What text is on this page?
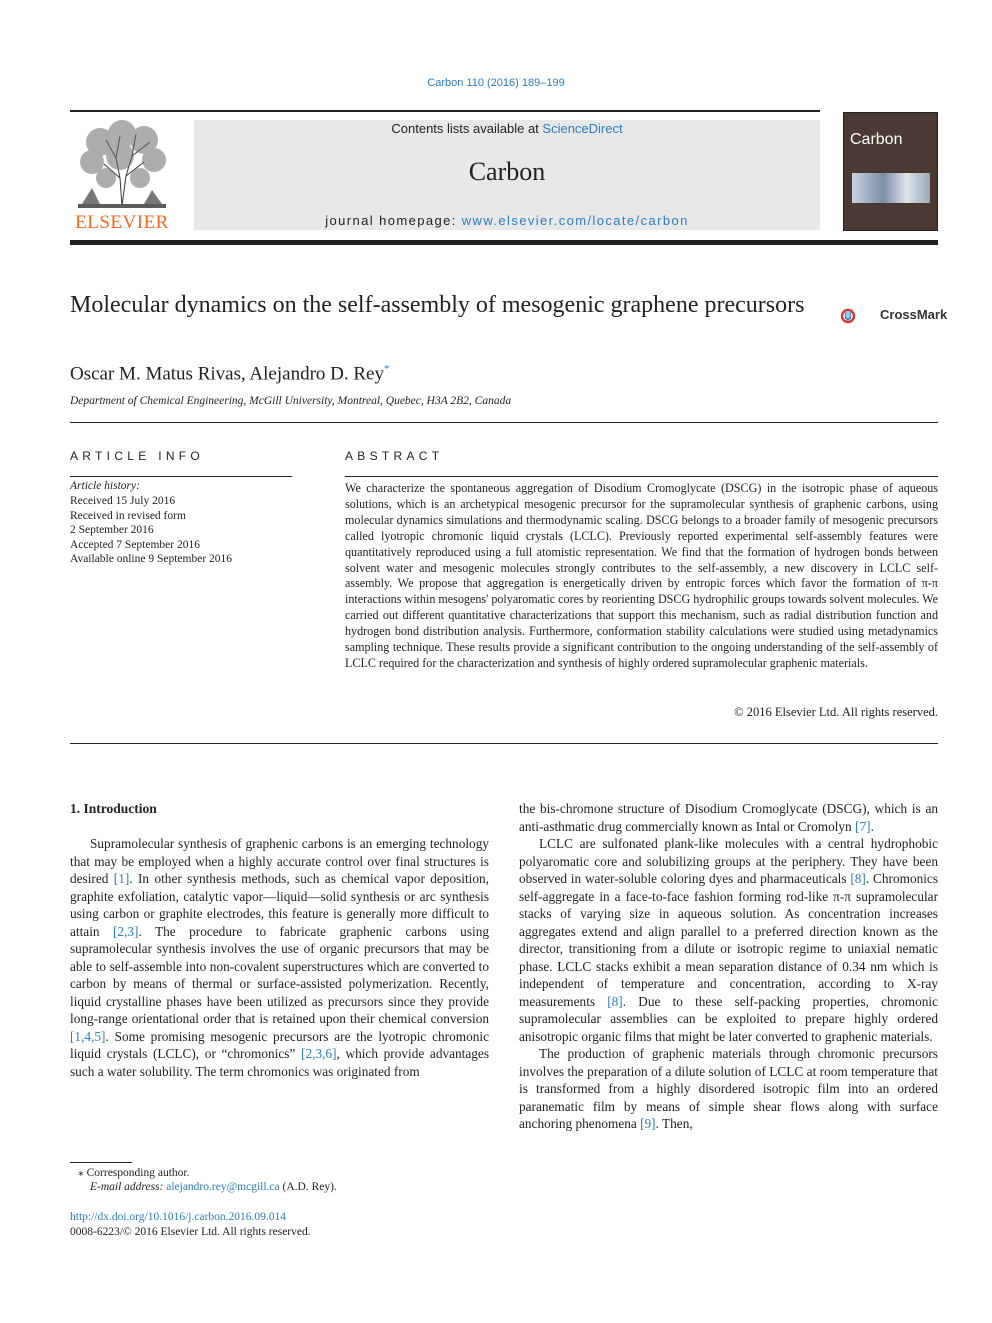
Carbon 110 (2016) 189–199
ELSEVIER
Contents lists available at ScienceDirect
Carbon
journal homepage: www.elsevier.com/locate/carbon
Carbon
Molecular dynamics on the self-assembly of mesogenic graphene precursors	CrossMark
Oscar M. Matus Rivas, Alejandro D. Rey*
Department of Chemical Engineering, McGill University, Montreal, Quebec, H3A 2B2, Canada
ARTICLE INFO
Article history:
Received 15 July 2016
Received in revised form
2 September 2016
Accepted 7 September 2016
Available online 9 September 2016
ABSTRACT
We characterize the spontaneous aggregation of Disodium Cromoglycate (DSCG) in the isotropic phase of aqueous solutions, which is an archetypical mesogenic precursor for the supramolecular synthesis of graphenic carbons, using molecular dynamics simulations and thermodynamic scaling. DSCG belongs to a broader family of mesogenic precursors called lyotropic chromonic liquid crystals (LCLC). Previously reported experimental self-assembly features were quantitatively reproduced using a full atomistic representation. We find that the formation of hydrogen bonds between solvent water and mesogenic molecules strongly contributes to the self-assembly, a new discovery in LCLC self-assembly. We propose that aggregation is energetically driven by entropic forces which favor the formation of π-π interactions within mesogens' polyaromatic cores by reorienting DSCG hydrophilic groups towards solvent molecules. We carried out different quantitative characterizations that support this mechanism, such as radial distribution function and hydrogen bond distribution analysis. Furthermore, conformation stability calculations were studied using metadynamics sampling technique. These results provide a significant contribution to the ongoing understanding of the self-assembly of LCLC required for the characterization and synthesis of highly ordered supramolecular graphenic materials.
© 2016 Elsevier Ltd. All rights reserved.
1. Introduction

Supramolecular synthesis of graphenic carbons is an emerging technology that may be employed when a highly accurate control over final structures is desired [1]. In other synthesis methods, such as chemical vapor deposition, graphite exfoliation, catalytic vapor—liquid—solid synthesis or arc synthesis using carbon or graphite electrodes, this feature is generally more difficult to attain [2,3]. The procedure to fabricate graphenic carbons using supramolecular synthesis involves the use of organic precursors that may be able to self-assemble into non-covalent superstructures which are converted to carbon by means of thermal or surface-assisted polymerization. Recently, liquid crystalline phases have been utilized as precursors since they provide long-range orientational order that is retained upon their chemical conversion [1,4,5]. Some promising mesogenic precursors are the lyotropic chromonic liquid crystals (LCLC), or “chromonics” [2,3,6], which provide advantages such a water solubility. The term chromonics was originated from

the bis-chromone structure of Disodium Cromoglycate (DSCG), which is an anti-asthmatic drug commercially known as Intal or Cromolyn [7].

LCLC are sulfonated plank-like molecules with a central hydrophobic polyaromatic core and solubilizing groups at the periphery. They have been observed in water-soluble coloring dyes and pharmaceuticals [8]. Chromonics self-aggregate in a face-to-face fashion forming rod-like π-π supramolecular stacks of varying size in aqueous solution. As concentration increases aggregates extend and align parallel to a preferred direction known as the director, transitioning from a dilute or isotropic regime to uniaxial nematic phase. LCLC stacks exhibit a mean separation distance of 0.34 nm which is independent of temperature and concentration, according to X-ray measurements [8]. Due to these self-packing properties, chromonic supramolecular assemblies can be exploited to prepare highly ordered anisotropic organic films that might be later converted to graphenic materials.

The production of graphenic materials through chromonic precursors involves the preparation of a dilute solution of LCLC at room temperature that is transformed from a highly disordered isotropic film into an ordered paranematic film by means of simple shear flows along with surface anchoring phenomena [9]. Then,

⁎ Corresponding author.
E-mail address: alejandro.rey@mcgill.ca (A.D. Rey).
http://dx.doi.org/10.1016/j.carbon.2016.09.014
0008-6223/© 2016 Elsevier Ltd. All rights reserved.
